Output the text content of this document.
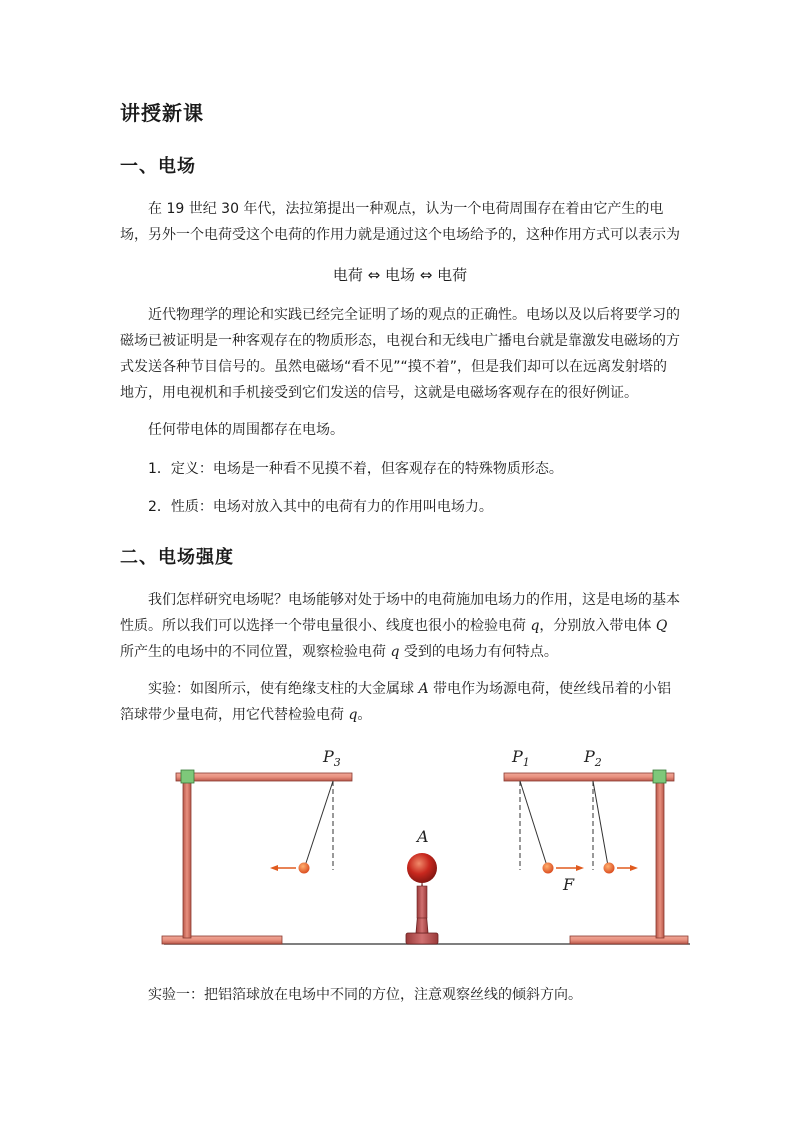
讲授新课
一、电场
在 19 世纪 30 年代，法拉第提出一种观点，认为一个电荷周围存在着由它产生的电场，另外一个电荷受这个电荷的作用力就是通过这个电场给予的，这种作用方式可以表示为
电荷 ⇔ 电场 ⇔ 电荷
近代物理学的理论和实践已经完全证明了场的观点的正确性。电场以及以后将要学习的磁场已被证明是一种客观存在的物质形态，电视台和无线电广播电台就是靠激发电磁场的方式发送各种节目信号的。虽然电磁场“看不见”“摸不着”，但是我们却可以在远离发射塔的地方，用电视机和手机接受到它们发送的信号，这就是电磁场客观存在的很好例证。
任何带电体的周围都存在电场。
1．定义：电场是一种看不见摸不着，但客观存在的特殊物质形态。
2．性质：电场对放入其中的电荷有力的作用叫电场力。
二、电场强度
我们怎样研究电场呢？电场能够对处于场中的电荷施加电场力的作用，这是电场的基本性质。所以我们可以选择一个带电量很小、线度也很小的检验电荷 q，分别放入带电体 Q 所产生的电场中的不同位置，观察检验电荷 q 受到的电场力有何特点。
实验：如图所示，使有绝缘支柱的大金属球 A 带电作为场源电荷，使丝线吊着的小铝箔球带少量电荷，用它代替检验电荷 q。
$P_3$
A
F
$P_1$	$P_2$
实验一：把铝箔球放在电场中不同的方位，注意观察丝线的倾斜方向。
